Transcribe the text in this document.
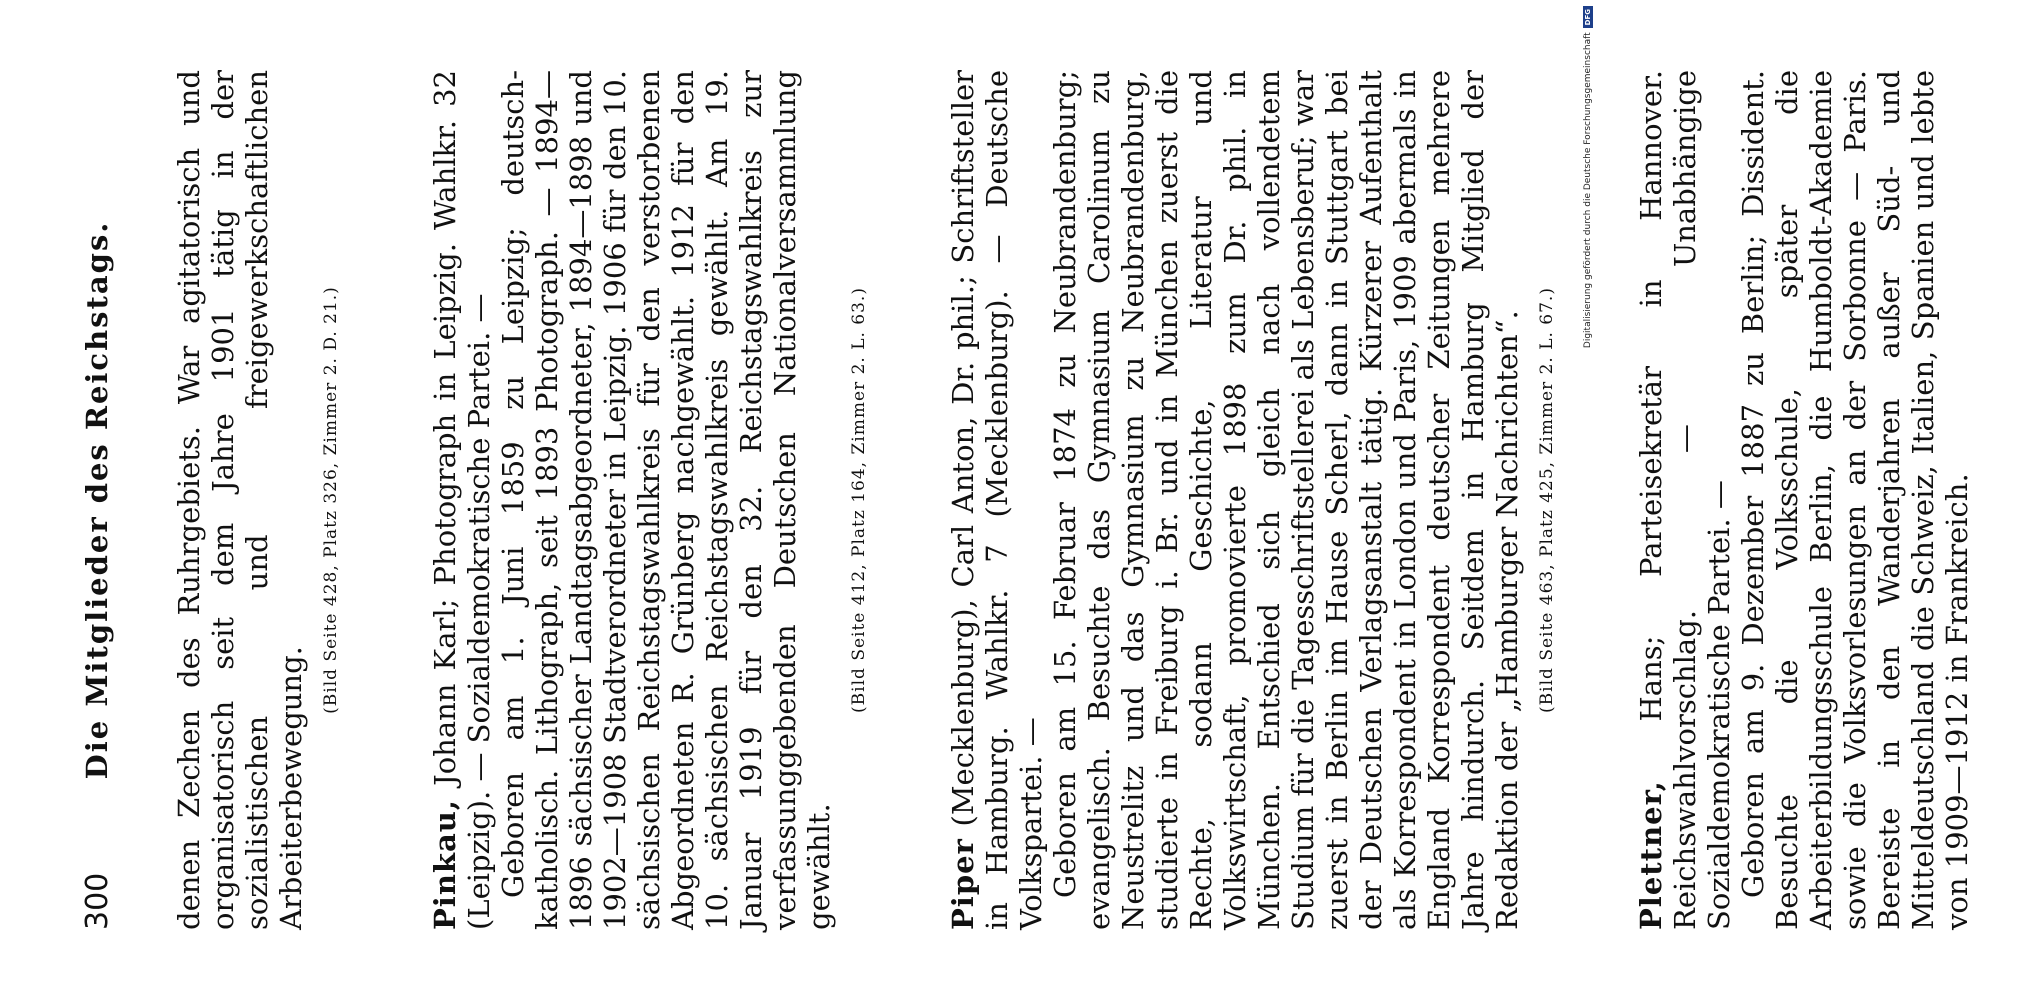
300
Die Mitglieder des Reichstags. denen Zechen des Ruhrgebiets. War agitatorisch und organisatorisch seit dem Jahre 1901 tätig in der sozialistischen und freigewerkschaftlichen Arbeiterbewegung.

(Bild Seite 428, Platz 326, Zimmer 2. D. 21.)

Pinkau, Johann Karl; Photograph in Leipzig. Wahlkr. 32 (Leipzig). — Sozialdemokratische Partei. — Geboren am 1. Juni 1859 zu Leipzig; deutsch-katholisch. Lithograph, seit 1893 Photograph. — 1894—1896 sächsischer Landtagsabgeordneter, 1894—1898 und 1902—1908 Stadtverordneter in Leipzig. 1906 für den 10. sächsischen Reichstagswahlkreis für den verstorbenen Abgeordneten R. Grünberg nachgewählt. 1912 für den 10. sächsischen Reichstagswahlkreis gewählt. Am 19. Januar 1919 für den 32. Reichstagswahlkreis zur verfassunggebenden Deutschen Nationalversammlung gewählt.

(Bild Seite 412, Platz 164, Zimmer 2. L. 63.)

Piper (Mecklenburg), Carl Anton, Dr. phil.; Schriftsteller in Hamburg. Wahlkr. 7 (Mecklenburg). — Deutsche Volkspartei. — Geboren am 15. Februar 1874 zu Neubrandenburg; evangelisch. Besuchte das Gymnasium Carolinum zu Neustrelitz und das Gymnasium zu Neubrandenburg, studierte in Freiburg i. Br. und in München zuerst die Rechte, sodann Geschichte, Literatur und Volkswirtschaft, promovierte 1898 zum Dr. phil. in München. Entschied sich gleich nach vollendetem Studium für die Tagesschriftstellerei als Lebensberuf; war zuerst in Berlin im Hause Scherl, dann in Stuttgart bei der Deutschen Verlagsanstalt tätig. Kürzerer Aufenthalt als Korrespondent in London und Paris, 1909 abermals in England Korrespondent deutscher Zeitungen mehrere Jahre hindurch. Seitdem in Hamburg Mitglied der Redaktion der „Hamburger Nachrichten“. (Bild Seite 463, Platz 425, Zimmer 2. L. 67.)

Plettner, Hans; Parteisekretär in Hannover. Reichswahlvorschlag. — Unabhängige Sozialdemokratische Partei. — Geboren am 9. Dezember 1887 zu Berlin; Dissident. Besuchte die Volksschule, später die Arbeiterbildungsschule Berlin, die Humboldt-Akademie sowie die Volksvorlesungen an der Sorbonne — Paris. Bereiste in den Wanderjahren außer Süd- und Mitteldeutschland die Schweiz, Italien, Spanien und lebte von 1909—1912 in Frankreich.

Digitalisierung gefördert durch die Deutsche Forschungsgemeinschaft
DFG
